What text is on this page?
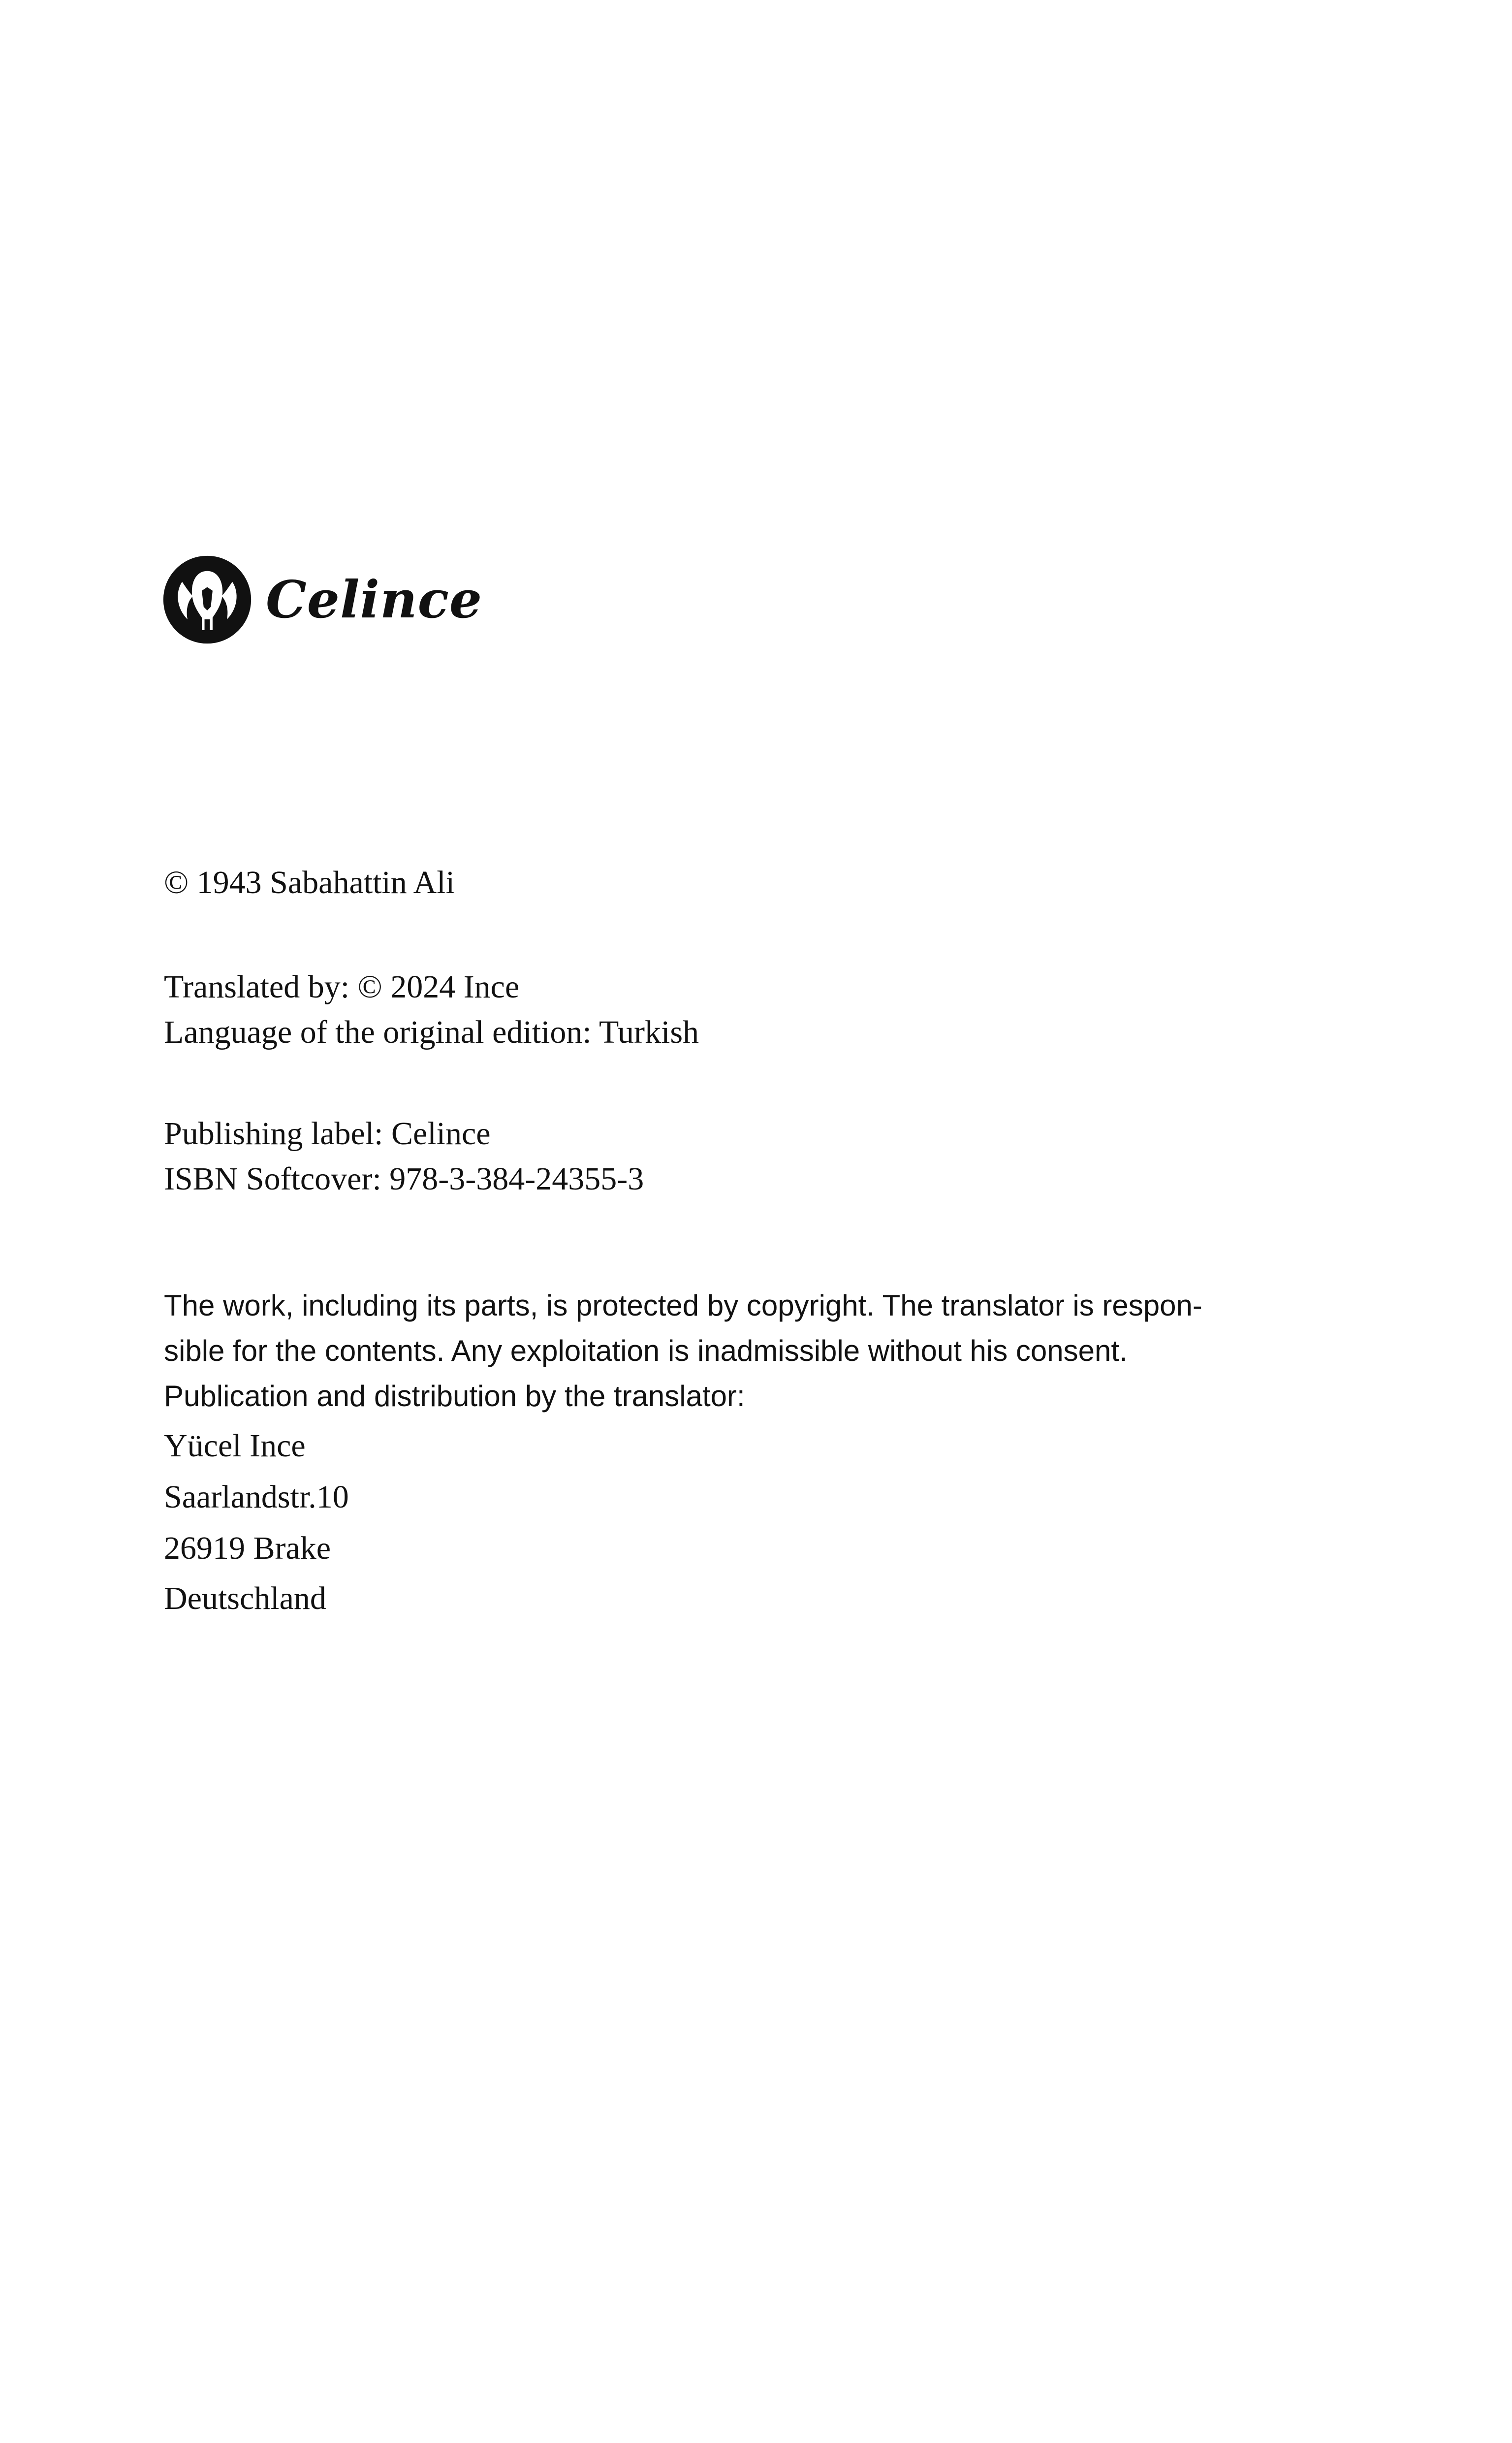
Celince
© 1943 Sabahattin Ali
Translated by: © 2024 Ince
Language of the original edition: Turkish
Publishing label: Celince
ISBN Softcover: 978-3-384-24355-3
The work, including its parts, is protected by copyright. The translator is respon-
sible for the contents. Any exploitation is inadmissible without his consent.
Publication and distribution by the translator:
Yücel Ince
Saarlandstr.10
26919 Brake
Deutschland
